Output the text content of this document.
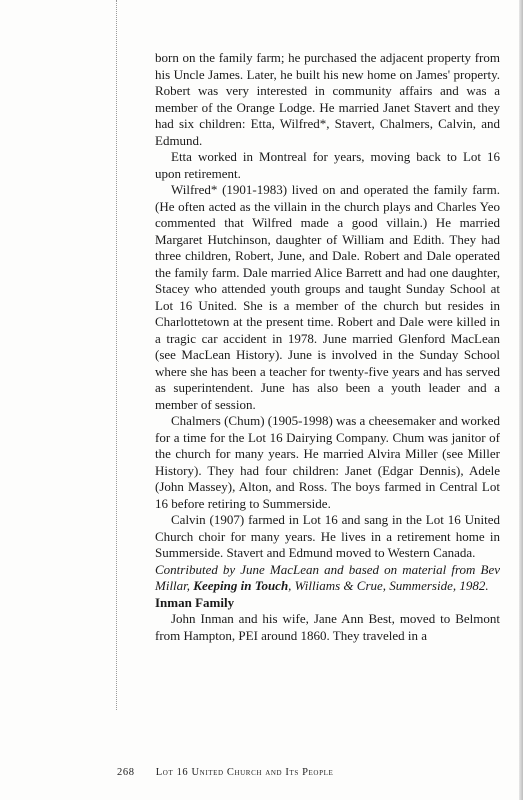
born on the family farm; he purchased the adjacent property from his Uncle James. Later, he built his new home on James' property. Robert was very interested in community affairs and was a member of the Orange Lodge. He married Janet Stavert and they had six children: Etta, Wilfred*, Stavert, Chalmers, Calvin, and Edmund.

Etta worked in Montreal for years, moving back to Lot 16 upon retirement.

Wilfred* (1901-1983) lived on and operated the family farm. (He often acted as the villain in the church plays and Charles Yeo commented that Wilfred made a good villain.) He married Margaret Hutchinson, daughter of William and Edith. They had three children, Robert, June, and Dale. Robert and Dale operated the family farm. Dale married Alice Barrett and had one daughter, Stacey who attended youth groups and taught Sunday School at Lot 16 United. She is a member of the church but resides in Charlottetown at the present time. Robert and Dale were killed in a tragic car accident in 1978. June married Glenford MacLean (see MacLean History). June is involved in the Sunday School where she has been a teacher for twenty-five years and has served as superintendent. June has also been a youth leader and a member of session.

Chalmers (Chum) (1905-1998) was a cheesemaker and worked for a time for the Lot 16 Dairying Company. Chum was janitor of the church for many years. He married Alvira Miller (see Miller History). They had four children: Janet (Edgar Dennis), Adele (John Massey), Alton, and Ross. The boys farmed in Central Lot 16 before retiring to Summerside.

Calvin (1907) farmed in Lot 16 and sang in the Lot 16 United Church choir for many years. He lives in a retirement home in Summerside. Stavert and Edmund moved to Western Canada.

Contributed by June MacLean and based on material from Bev Millar, Keeping in Touch, Williams & Crue, Summerside, 1982.

Inman Family

John Inman and his wife, Jane Ann Best, moved to Belmont from Hampton, PEI around 1860. They traveled in a

268 Lot 16 United Church and Its People
